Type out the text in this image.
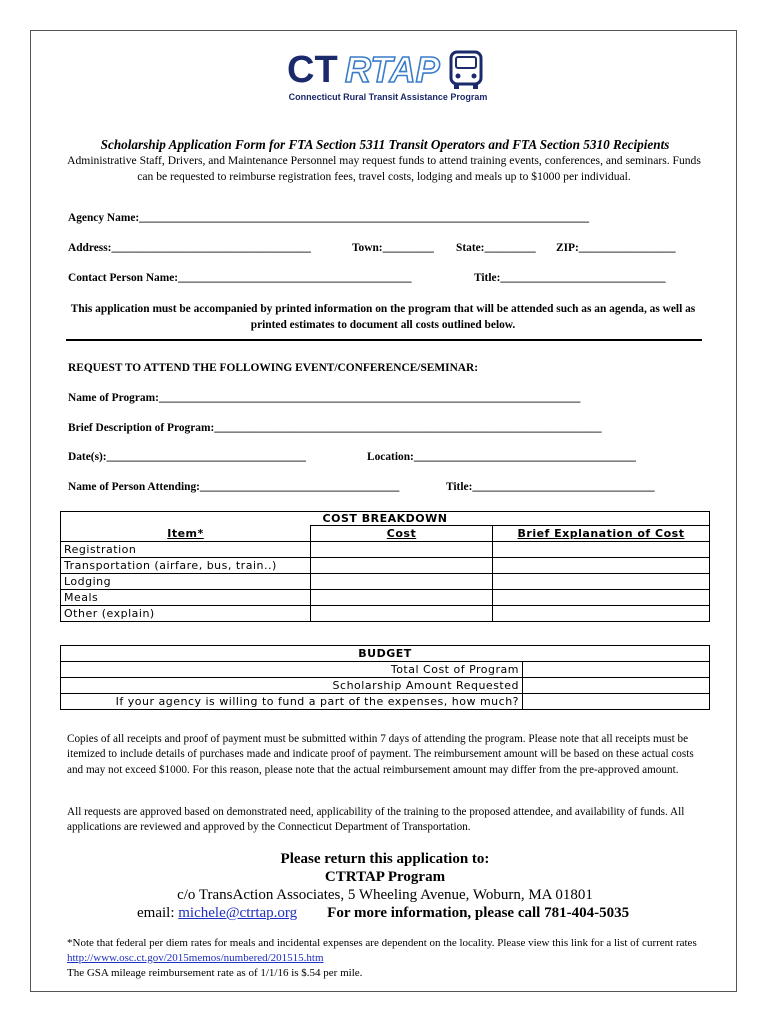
CT RTAP
Connecticut Rural Transit Assistance Program
Scholarship Application Form for FTA Section 5311 Transit Operators and FTA Section 5310 Recipients
Administrative Staff, Drivers, and Maintenance Personnel may request funds to attend training events, conferences, and seminars. Funds can be requested to reimburse registration fees, travel costs, lodging and meals up to $1000 per individual.
Agency Name:_______________________________________________________________________________
Address:___________________________________	Town:_________ State:_________ ZIP:_________________
Contact Person Name:_________________________________________	Title:_____________________________
This application must be accompanied by printed information on the program that will be attended such as an agenda, as well as printed estimates to document all costs outlined below.
REQUEST TO ATTEND THE FOLLOWING EVENT/CONFERENCE/SEMINAR:
Name of Program:__________________________________________________________________________
Brief Description of Program:____________________________________________________________________
Date(s):___________________________________	Location:_______________________________________
Name of Person Attending:___________________________________	Title:________________________________
COST BREAKDOWN		
Item*	Cost	Brief Explanation of Cost
Registration		
Transportation (airfare, bus, train..)		
Lodging		
Meals		
Other (explain)		
BUDGET	
Total Cost of Program	
Scholarship Amount Requested	
If your agency is willing to fund a part of the expenses, how much?	
Copies of all receipts and proof of payment must be submitted within 7 days of attending the program. Please note that all receipts must be itemized to include details of purchases made and indicate proof of payment. The reimbursement amount will be based on these actual costs and may not exceed $1000. For this reason, please note that the actual reimbursement amount may differ from the pre-approved amount.
All requests are approved based on demonstrated need, applicability of the training to the proposed attendee, and availability of funds. All applications are reviewed and approved by the Connecticut Department of Transportation.
Please return this application to:
CTRTAP Program
c/o TransAction Associates, 5 Wheeling Avenue, Woburn, MA 01801
email: michele@ctrtap.org For more information, please call 781-404-5035
*Note that federal per diem rates for meals and incidental expenses are dependent on the locality. Please view this link for a list of current rates http://www.osc.ct.gov/2015memos/numbered/201515.htm
The GSA mileage reimbursement rate as of 1/1/16 is $.54 per mile.
